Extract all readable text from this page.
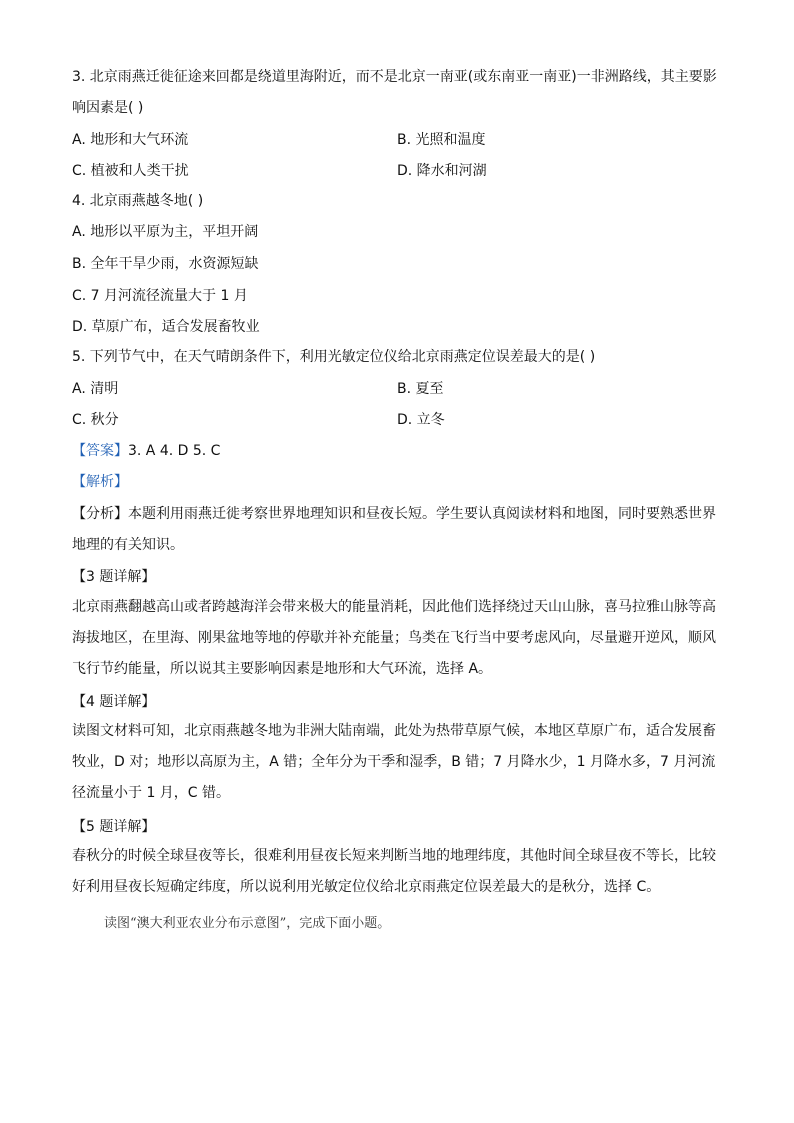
3. 北京雨燕迁徙征途来回都是绕道里海附近，而不是北京一南亚(或东南亚一南亚)一非洲路线，其主要影
响因素是( )
A. 地形和大气环流	B. 光照和温度
C. 植被和人类干扰	D. 降水和河湖
4. 北京雨燕越冬地( )
A. 地形以平原为主，平坦开阔
B. 全年干旱少雨，水资源短缺
C. 7 月河流径流量大于 1 月
D. 草原广布，适合发展畜牧业
5. 下列节气中，在天气晴朗条件下，利用光敏定位仪给北京雨燕定位误差最大的是( )
A. 清明	B. 夏至
C. 秋分	D. 立冬
【答案】3. A 4. D 5. C
【解析】
【分析】本题利用雨燕迁徙考察世界地理知识和昼夜长短。学生要认真阅读材料和地图，同时要熟悉世界地理的有关知识。
【3 题详解】
北京雨燕翻越高山或者跨越海洋会带来极大的能量消耗，因此他们选择绕过天山山脉，喜马拉雅山脉等高海拔地区，在里海、刚果盆地等地的停歇并补充能量；鸟类在飞行当中要考虑风向，尽量避开逆风，顺风飞行节约能量，所以说其主要影响因素是地形和大气环流，选择 A。
【4 题详解】
读图文材料可知，北京雨燕越冬地为非洲大陆南端，此处为热带草原气候，本地区草原广布，适合发展畜牧业，D 对；地形以高原为主，A 错；全年分为干季和湿季，B 错；7 月降水少，1 月降水多，7 月河流径流量小于 1 月，C 错。
【5 题详解】
春秋分的时候全球昼夜等长，很难利用昼夜长短来判断当地的地理纬度，其他时间全球昼夜不等长，比较好利用昼夜长短确定纬度，所以说利用光敏定位仪给北京雨燕定位误差最大的是秋分，选择 C。
读图“澳大利亚农业分布示意图”，完成下面小题。
